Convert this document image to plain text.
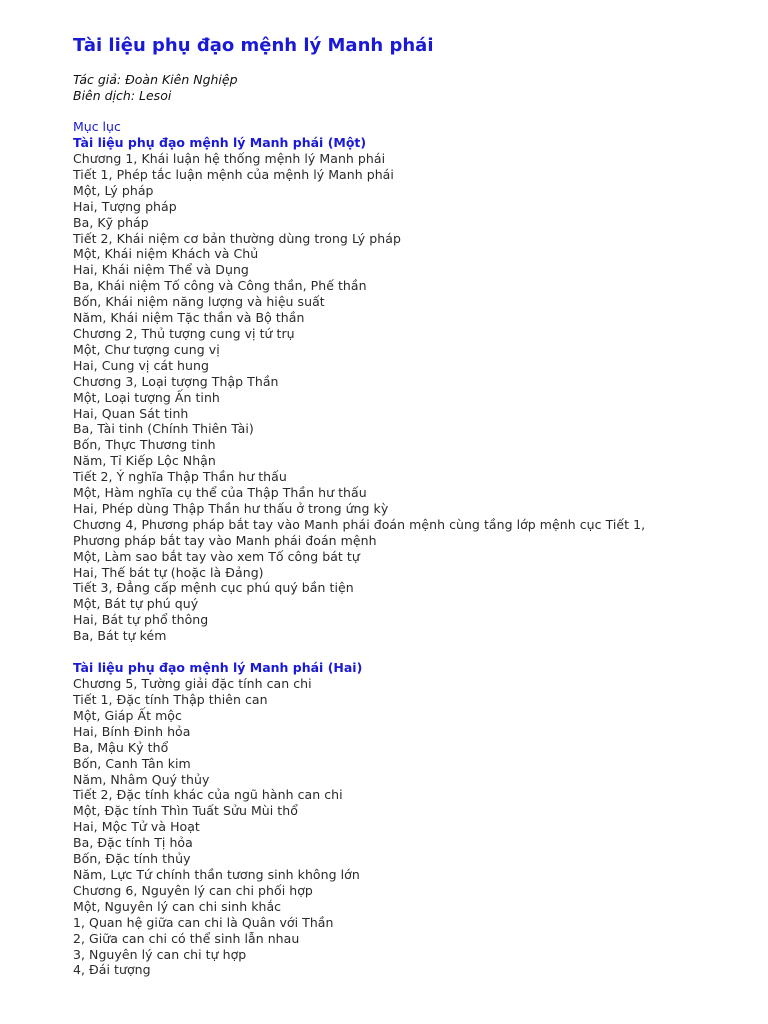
Tài liệu phụ đạo mệnh lý Manh phái

Tác giả: Đoàn Kiên Nghiệp

Biên dịch: Lesoi

Mục lục

Tài liệu phụ đạo mệnh lý Manh phái (Một)

Chương 1, Khái luận hệ thống mệnh lý Manh phái
Tiết 1, Phép tắc luận mệnh của mệnh lý Manh phái
Một, Lý pháp
Hai, Tượng pháp
Ba, Kỹ pháp
Tiết 2, Khái niệm cơ bản thường dùng trong Lý pháp
Một, Khái niệm Khách và Chủ
Hai, Khái niệm Thể và Dụng
Ba, Khái niệm Tố công và Công thần, Phế thần
Bốn, Khái niệm năng lượng và hiệu suất
Năm, Khái niệm Tặc thần và Bộ thần
Chương 2, Thủ tượng cung vị tứ trụ
Một, Chư tượng cung vị
Hai, Cung vị cát hung
Chương 3, Loại tượng Thập Thần
Một, Loại tượng Ấn tinh
Hai, Quan Sát tinh
Ba, Tài tinh (Chính Thiên Tài)
Bốn, Thực Thương tinh
Năm, Tỉ Kiếp Lộc Nhận
Tiết 2, Ý nghĩa Thập Thần hư thấu
Một, Hàm nghĩa cụ thể của Thập Thần hư thấu
Hai, Phép dùng Thập Thần hư thấu ở trong ứng kỳ
Chương 4, Phương pháp bắt tay vào Manh phái đoán mệnh cùng tầng lớp mệnh cục Tiết 1,
Phương pháp bắt tay vào Manh phái đoán mệnh
Một, Làm sao bắt tay vào xem Tố công bát tự
Hai, Thế bát tự (hoặc là Đảng)
Tiết 3, Đẳng cấp mệnh cục phú quý bần tiện
Một, Bát tự phú quý
Hai, Bát tự phổ thông
Ba, Bát tự kém

Tài liệu phụ đạo mệnh lý Manh phái (Hai)

Chương 5, Tường giải đặc tính can chi
Tiết 1, Đặc tính Thập thiên can
Một, Giáp Ất mộc
Hai, Bính Đinh hỏa
Ba, Mậu Kỷ thổ
Bốn, Canh Tân kim
Năm, Nhâm Quý thủy
Tiết 2, Đặc tính khác của ngũ hành can chi
Một, Đặc tính Thìn Tuất Sửu Mùi thổ
Hai, Mộc Tử và Hoạt
Ba, Đặc tính Tị hỏa
Bốn, Đặc tính thủy
Năm, Lực Tứ chính thần tương sinh không lớn
Chương 6, Nguyên lý can chi phối hợp
Một, Nguyên lý can chi sinh khắc
1, Quan hệ giữa can chi là Quân với Thần
2, Giữa can chi có thể sinh lẫn nhau
3, Nguyên lý can chi tự hợp
4, Đái tượng
